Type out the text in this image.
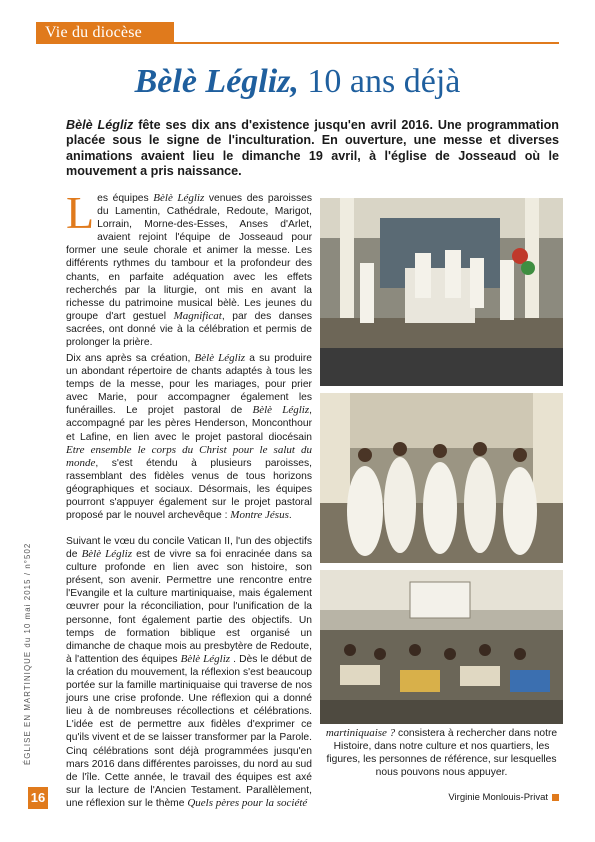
Vie du diocèse
Bèlè Légliz, 10 ans déjà
Bèlè Légliz fête ses dix ans d'existence jusqu'en avril 2016. Une programmation placée sous le signe de l'inculturation. En ouverture, une messe et diverses animations avaient lieu le dimanche 19 avril, à l'église de Josseaud où le mouvement a pris naissance.

Les équipes Bèlè Légliz venues des paroisses du Lamentin, Cathédrale, Redoute, Marigot, Lorrain, Morne-des-Esses, Anses d'Arlet, avaient rejoint l'équipe de Josseaud pour former une seule chorale et animer la messe. Les différents rythmes du tambour et la profondeur des chants, en parfaite adéquation avec les effets recherchés par la liturgie, ont mis en avant la richesse du patrimoine musical bèlè. Les jeunes du groupe d'art gestuel Magnificat, par des danses sacrées, ont donné vie à la célébration et permis de prolonger la prière.

Dix ans après sa création, Bèlè Légliz a su produire un abondant répertoire de chants adaptés à tous les temps de la messe, pour les mariages, pour prier avec Marie, pour accompagner également les funérailles. Le projet pastoral de Bèlè Légliz, accompagné par les pères Henderson, Monconthour et Lafine, en lien avec le projet pastoral diocésain Etre ensemble le corps du Christ pour le salut du monde, s'est étendu à plusieurs paroisses, rassemblant des fidèles venus de tous horizons géographiques et sociaux. Désormais, les équipes pourront s'appuyer également sur le projet pastoral proposé par le nouvel archevêque : Montre Jésus.

Suivant le vœu du concile Vatican II, l'un des objectifs de Bèlè Légliz est de vivre sa foi enracinée dans sa culture profonde en lien avec son histoire, son présent, son avenir. Permettre une rencontre entre l'Evangile et la culture martiniquaise, mais également œuvrer pour la réconciliation, pour l'unification de la personne, font également partie des objectifs. Un temps de formation biblique est organisé un dimanche de chaque mois au presbytère de Redoute, à l'attention des équipes Bèlè Légliz . Dès le début de la création du mouvement, la réflexion s'est beaucoup portée sur la famille martiniquaise qui traverse de nos jours une crise profonde. Une réflexion qui a donné lieu à de nombreuses récollections et célébrations. L'idée est de permettre aux fidèles d'exprimer ce qu'ils vivent et de se laisser transformer par la Parole. Cinq célébrations sont déjà programmées jusqu'en mars 2016 dans différentes paroisses, du nord au sud de l'île. Cette année, le travail des équipes est axé sur la lecture de l'Ancien Testament. Parallèlement, une réflexion sur le thème Quels pères pour la société

martiniquaise ? consistera à rechercher dans notre Histoire, dans notre culture et nos quartiers, les figures, les personnes de référence, sur lesquelles nous pouvons nous appuyer.
Virginie Monlouis-Privat
ÉGLISE EN MARTINIQUE du 10 mai 2015 / n°502
16
